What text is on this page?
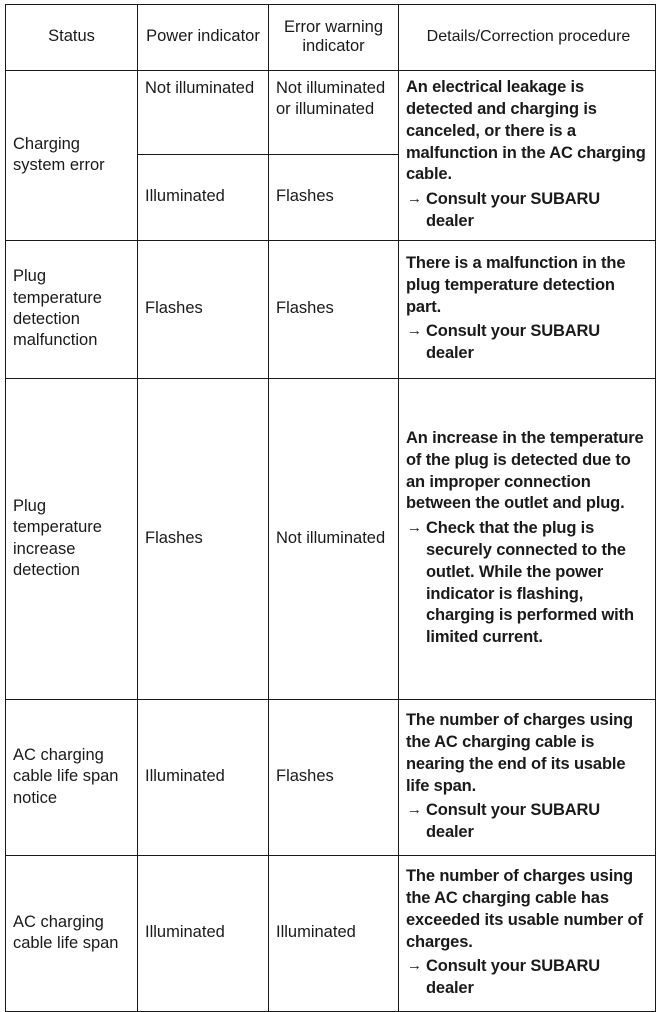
Status	Power indicator	Error warning indicator	Details/Correction procedure
Charging system error	Not illuminated	Not illuminated or illuminated	An electrical leakage is detected and charging is canceled, or there is a malfunction in the AC charging cable.
→ Consult your SUBARU dealer

	Illuminated	Flashes	
Plug temperature detection malfunction	Flashes	Flashes	There is a malfunction in the plug temperature detection part.
→ Consult your SUBARU dealer

Plug temperature increase detection	Flashes	Not illuminated	An increase in the temperature of the plug is detected due to an improper connection between the outlet and plug.
→ Check that the plug is securely connected to the outlet. While the power indicator is flashing, charging is performed with limited current.

AC charging cable life span notice	Illuminated	Flashes	The number of charges using the AC charging cable is nearing the end of its usable life span.
→ Consult your SUBARU dealer

AC charging cable life span	Illuminated	Illuminated	The number of charges using the AC charging cable has exceeded its usable number of charges.
→ Consult your SUBARU dealer
